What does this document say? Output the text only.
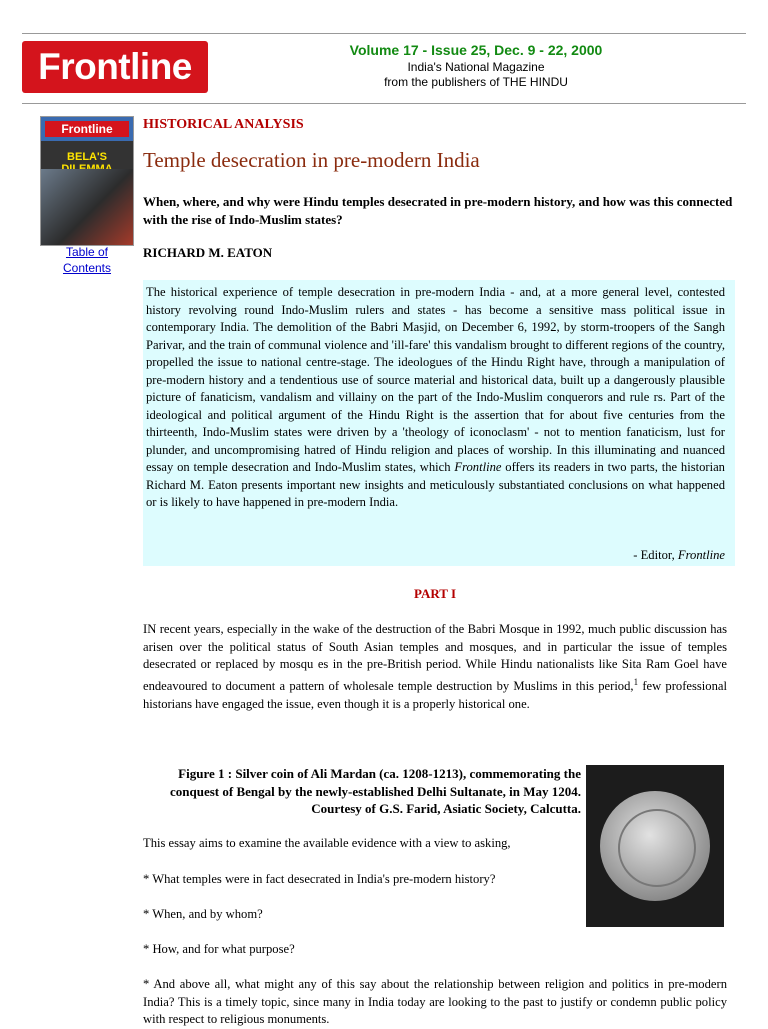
Frontline	Volume 17 - Issue 25, Dec. 9 - 22, 2000
India's National Magazine
from the publishers of THE HINDU
Frontline
BELA'S
Table of
Contents
HISTORICAL ANALYSIS
Temple desecration in pre-modern India
When, where, and why were Hindu temples desecrated in pre-modern history, and how was this connected with the rise of Indo-Muslim states?
RICHARD M. EATON
The historical experience of temple desecration in pre-modern India - and, at a more general level, contested history revolving round Indo-Muslim rulers and states - has become a sensitive mass political issue in contemporary India. The demolition of the Babri Masjid, on December 6, 1992, by storm-troopers of the Sangh Parivar, and the train of communal violence and 'ill-fare' this vandalism brought to different regions of the country, propelled the issue to national centre-stage. The ideologues of the Hindu Right have, through a manipulation of pre-modern history and a tendentious use of source material and historical data, built up a dangerously plausible picture of fanaticism, vandalism and villainy on the part of the Indo-Muslim conquerors and rule rs. Part of the ideological and political argument of the Hindu Right is the assertion that for about five centuries from the thirteenth, Indo-Muslim states were driven by a 'theology of iconoclasm' - not to mention fanaticism, lust for plunder, and uncompromising hatred of Hindu religion and places of worship. In this illuminating and nuanced essay on temple desecration and Indo-Muslim states, which Frontline offers its readers in two parts, the historian Richard M. Eaton presents important new insights and meticulously substantiated conclusions on what happened or is likely to have happened in pre-modern India.
- Editor, Frontline
PART I
IN recent years, especially in the wake of the destruction of the Babri Mosque in 1992, much public discussion has arisen over the political status of South Asian temples and mosques, and in particular the issue of temples desecrated or replaced by mosqu es in the pre-British period. While Hindu nationalists like Sita Ram Goel have endeavoured to document a pattern of wholesale temple destruction by Muslims in this period,$^1$ few professional historians have engaged the issue, even though it is a properly historical one.
Figure 1 : Silver coin of Ali Mardan (ca. 1208-1213), commemorating the conquest of Bengal by the newly-established Delhi Sultanate, in May 1204. Courtesy of G.S. Farid, Asiatic Society, Calcutta.
This essay aims to examine the available evidence with a view to asking,
* What temples were in fact desecrated in India's pre-modern history?
* When, and by whom?
* How, and for what purpose?
* And above all, what might any of this say about the relationship between religion and politics in pre-modern India? This is a timely topic, since many in India today are looking to the past to justify or condemn public policy with respect to religious monuments.
